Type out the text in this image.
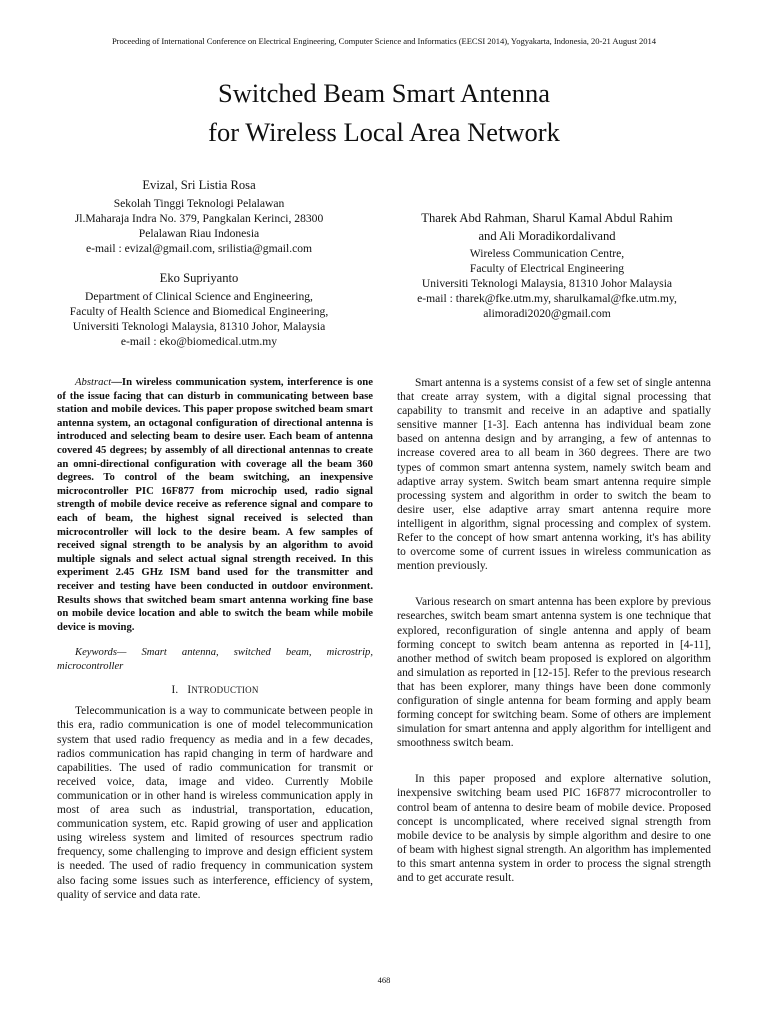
Proceeding of International Conference on Electrical Engineering, Computer Science and Informatics (EECSI 2014), Yogyakarta, Indonesia, 20-21 August 2014
Switched Beam Smart Antenna
for Wireless Local Area Network
Evizal, Sri Listia Rosa
Sekolah Tinggi Teknologi Pelalawan
Jl.Maharaja Indra No. 379, Pangkalan Kerinci, 28300
Pelalawan Riau Indonesia
e-mail : evizal@gmail.com, srilistia@gmail.com
Eko Supriyanto
Department of Clinical Science and Engineering,
Faculty of Health Science and Biomedical Engineering,
Universiti Teknologi Malaysia, 81310 Johor, Malaysia
e-mail : eko@biomedical.utm.my
Tharek Abd Rahman, Sharul Kamal Abdul Rahim
and Ali Moradikordalivand
Wireless Communication Centre,
Faculty of Electrical Engineering
Universiti Teknologi Malaysia, 81310 Johor Malaysia
e-mail : tharek@fke.utm.my, sharulkamal@fke.utm.my,
alimoradi2020@gmail.com

Abstract—In wireless communication system, interference is one of the issue facing that can disturb in communicating between base station and mobile devices. This paper propose switched beam smart antenna system, an octagonal configuration of directional antenna is introduced and selecting beam to desire user. Each beam of antenna covered 45 degrees; by assembly of all directional antennas to create an omni-directional configuration with coverage all the beam 360 degrees. To control of the beam switching, an inexpensive microcontroller PIC 16F877 from microchip used, radio signal strength of mobile device receive as reference signal and compare to each of beam, the highest signal received is selected than microcontroller will lock to the desire beam. A few samples of received signal strength to be analysis by an algorithm to avoid multiple signals and select actual signal strength received. In this experiment 2.45 GHz ISM band used for the transmitter and receiver and testing have been conducted in outdoor environment. Results shows that switched beam smart antenna working fine base on mobile device location and able to switch the beam while mobile device is moving.

Keywords— Smart antenna, switched beam, microstrip, microcontroller

I. INTRODUCTION

Telecommunication is a way to communicate between people in this era, radio communication is one of model telecommunication system that used radio frequency as media and in a few decades, radios communication has rapid changing in term of hardware and capabilities. The used of radio communication for transmit or received voice, data, image and video. Currently Mobile communication or in other hand is wireless communication apply in most of area such as industrial, transportation, education, communication system, etc. Rapid growing of user and application using wireless system and limited of resources spectrum radio frequency, some challenging to improve and design efficient system is needed. The used of radio frequency in communication system also facing some issues such as interference, efficiency of system, quality of service and data rate.

Smart antenna is a systems consist of a few set of single antenna that create array system, with a digital signal processing that capability to transmit and receive in an adaptive and spatially sensitive manner [1-3]. Each antenna has individual beam zone based on antenna design and by arranging, a few of antennas to increase covered area to all beam in 360 degrees. There are two types of common smart antenna system, namely switch beam and adaptive array system. Switch beam smart antenna require simple processing system and algorithm in order to switch the beam to desire user, else adaptive array smart antenna require more intelligent in algorithm, signal processing and complex of system. Refer to the concept of how smart antenna working, it's has ability to overcome some of current issues in wireless communication as mention previously.

Various research on smart antenna has been explore by previous researches, switch beam smart antenna system is one technique that explored, reconfiguration of single antenna and apply of beam forming concept to switch beam antenna as reported in [4-11], another method of switch beam proposed is explored on algorithm and simulation as reported in [12-15]. Refer to the previous research that has been explorer, many things have been done commonly configuration of single antenna for beam forming and apply beam forming concept for switching beam. Some of others are implement simulation for smart antenna and apply algorithm for intelligent and smoothness switch beam.

In this paper proposed and explore alternative solution, inexpensive switching beam used PIC 16F877 microcontroller to control beam of antenna to desire beam of mobile device. Proposed concept is uncomplicated, where received signal strength from mobile device to be analysis by simple algorithm and desire to one of beam with highest signal strength. An algorithm has implemented to this smart antenna system in order to process the signal strength and to get accurate result.

468
